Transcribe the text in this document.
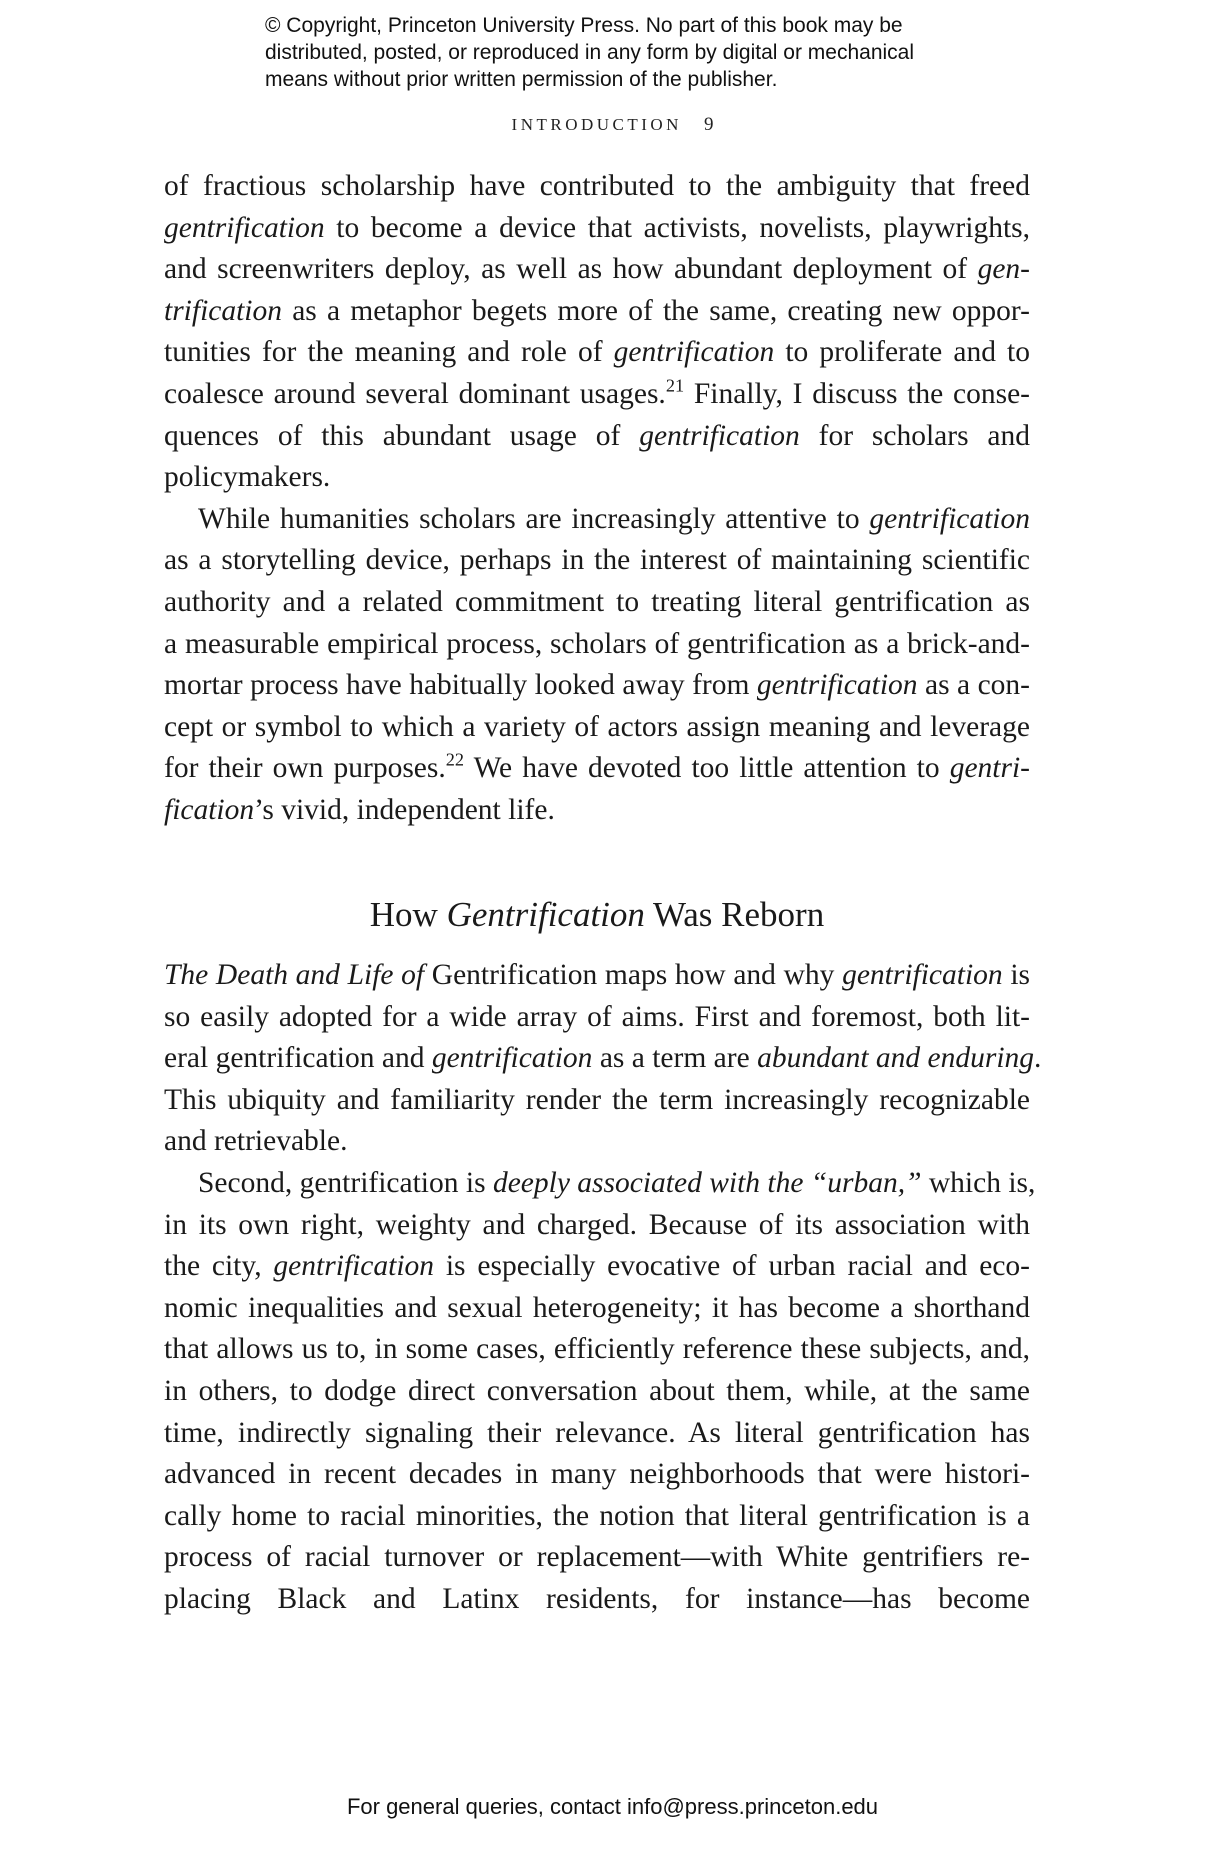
© Copyright, Princeton University Press. No part of this book may be
distributed, posted, or reproduced in any form by digital or mechanical
means without prior written permission of the publisher.
INTRODUCTION 9
of fractious scholarship have contributed to the ambiguity that freed
gentrification to become a device that activists, novelists, playwrights,
and screenwriters deploy, as well as how abundant deployment of gen-
trification as a metaphor begets more of the same, creating new oppor-
tunities for the meaning and role of gentrification to proliferate and to
coalesce around several dominant usages.$^{21}$ Finally, I discuss the conse-
quences of this abundant usage of gentrification for scholars and
policymakers.
While humanities scholars are increasingly attentive to gentrification
as a storytelling device, perhaps in the interest of maintaining scientific
authority and a related commitment to treating literal gentrification as
a measurable empirical process, scholars of gentrification as a brick-and-
mortar process have habitually looked away from gentrification as a con-
cept or symbol to which a variety of actors assign meaning and leverage
for their own purposes.$^{22}$ We have devoted too little attention to gentri-
fication’s vivid, independent life.
How Gentrification Was Reborn
The Death and Life of Gentrification maps how and why gentrification is
so easily adopted for a wide array of aims. First and foremost, both lit-
eral gentrification and gentrification as a term are abundant and enduring.
This ubiquity and familiarity render the term increasingly recognizable
and retrievable.
Second, gentrification is deeply associated with the “urban,” which is,
in its own right, weighty and charged. Because of its association with
the city, gentrification is especially evocative of urban racial and eco-
nomic inequalities and sexual heterogeneity; it has become a shorthand
that allows us to, in some cases, efficiently reference these subjects, and,
in others, to dodge direct conversation about them, while, at the same
time, indirectly signaling their relevance. As literal gentrification has
advanced in recent decades in many neighborhoods that were histori-
cally home to racial minorities, the notion that literal gentrification is a
process of racial turnover or replacement—with White gentrifiers re-
placing Black and Latinx residents, for instance—has become
For general queries, contact info@press.princeton.edu
